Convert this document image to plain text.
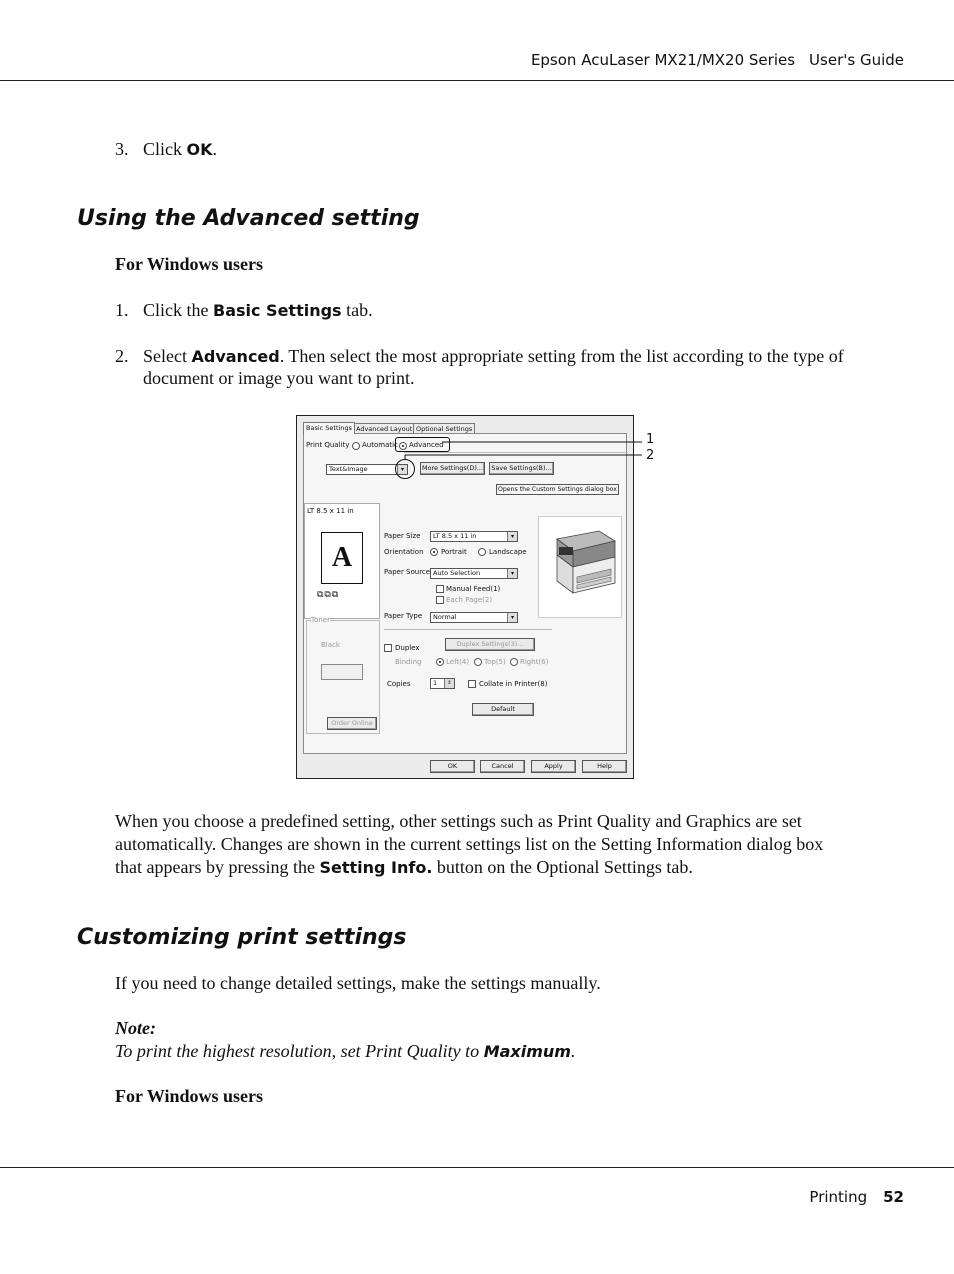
Epson AcuLaser MX21/MX20 Series User's Guide
3. Click OK.
Using the Advanced setting
For Windows users
1. Click the Basic Settings tab.
2. Select Advanced. Then select the most appropriate setting from the list according to the type of
document or image you want to print.
Basic Settings Advanced Layout Optional Settings
Print Quality Automatic Advanced
Text&Image	▾	More Settings(D)...	Save Settings(B)...
Opens the Custom Settings dialog box
LT 8.5 x 11 in
A
⧉⧉⧉
Toner
Black
Order Online
Paper Size	LT 8.5 x 11 in	▾
Orientation Portrait	Landscape
Paper Source Auto Selection	▾
Manual Feed(1)
Each Page(2)
Paper Type	Normal	▾
Duplex	Duplex Settings(3)...
Binding	Left(4) Top(5) Right(6)
Copies	1	⇕	Collate in Printer(8)
Default
OK	Cancel	Apply	Help
1
2
When you choose a predefined setting, other settings such as Print Quality and Graphics are set
automatically. Changes are shown in the current settings list on the Setting Information dialog box
that appears by pressing the Setting Info. button on the Optional Settings tab.
Customizing print settings
If you need to change detailed settings, make the settings manually.
Note:
To print the highest resolution, set Print Quality to Maximum.
For Windows users
Printing 52
